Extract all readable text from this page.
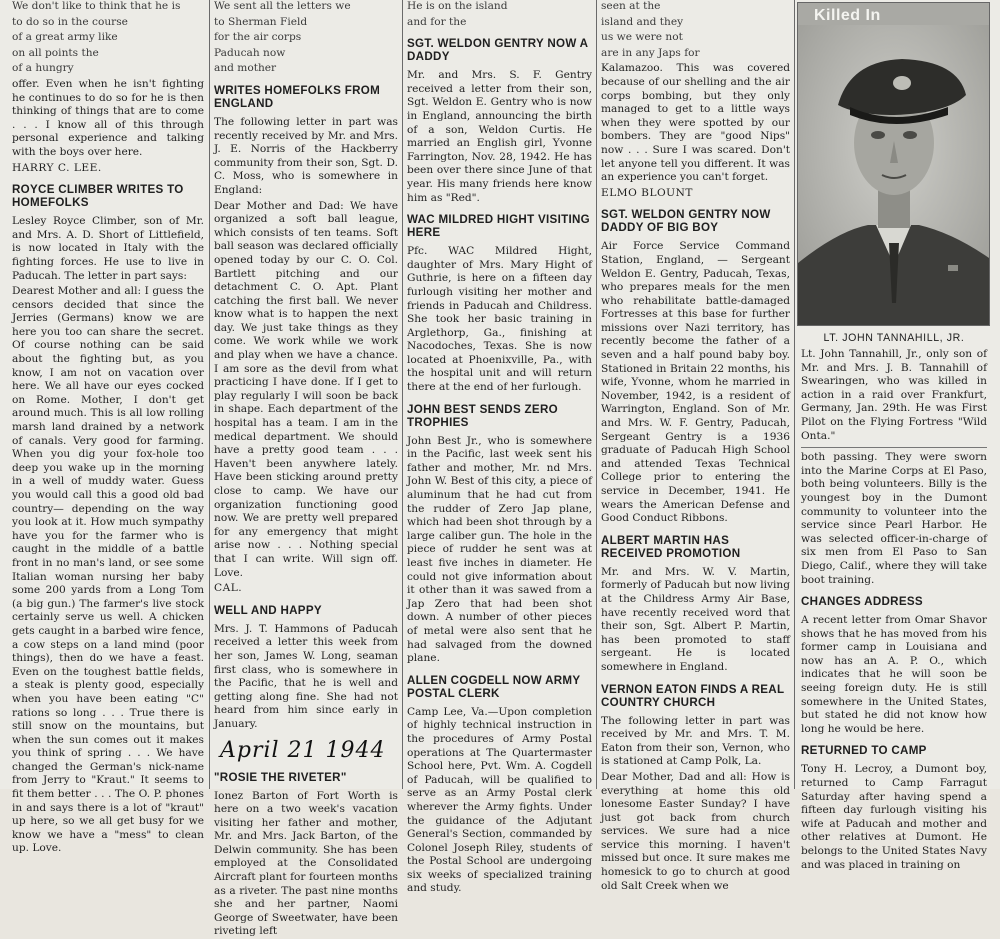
We don't like to think that he is

to do so in the course

of a great army like

on all points the

of a hungry

offer. Even when he isn't fighting he continues to do so for he is then thinking of things that are to come . . . I know all of this through personal experience and talking with the boys over here.

HARRY C. LEE.

ROYCE CLIMBER WRITES TO HOMEFOLKS

Lesley Royce Climber, son of Mr. and Mrs. A. D. Short of Littlefield, is now located in Italy with the fighting forces. He use to live in Paducah. The letter in part says:

Dearest Mother and all: I guess the censors decided that since the Jerries (Germans) know we are here you too can share the secret. Of course nothing can be said about the fighting but, as you know, I am not on vacation over here. We all have our eyes cocked on Rome. Mother, I don't get around much. This is all low rolling marsh land drained by a network of canals. Very good for farming. When you dig your fox-hole too deep you wake up in the morning in a well of muddy water. Guess you would call this a good old bad country— depending on the way you look at it. How much sympathy have you for the farmer who is caught in the middle of a battle front in no man's land, or see some Italian woman nursing her baby some 200 yards from a Long Tom (a big gun.) The farmer's live stock certainly serve us well. A chicken gets caught in a barbed wire fence, a cow steps on a land mind (poor things), then do we have a feast. Even on the toughest battle fields, a steak is plenty good, especially when you have been eating "C" rations so long . . . True there is still snow on the mountains, but when the sun comes out it makes you think of spring . . . We have changed the German's nick-name from Jerry to "Kraut." It seems to fit them better . . . The O. P. phones in and says there is a lot of "kraut" up here, so we all get busy for we know we have a "mess" to clean up. Love.

We sent all the letters we

to Sherman Field

for the air corps

Paducah now

and mother

WRITES HOMEFOLKS FROM ENGLAND

The following letter in part was recently received by Mr. and Mrs. J. E. Norris of the Hackberry community from their son, Sgt. D. C. Moss, who is somewhere in England:

Dear Mother and Dad: We have organized a soft ball league, which consists of ten teams. Soft ball season was declared officially opened today by our C. O. Col. Bartlett pitching and our detachment C. O. Apt. Plant catching the first ball. We never know what is to happen the next day. We just take things as they come. We work while we work and play when we have a chance. I am sore as the devil from what practicing I have done. If I get to play regularly I will soon be back in shape. Each department of the hospital has a team. I am in the medical department. We should have a pretty good team . . . Haven't been anywhere lately. Have been sticking around pretty close to camp. We have our organization functioning good now. We are pretty well prepared for any emergency that might arise now . . . Nothing special that I can write. Will sign off. Love.

CAL.

WELL AND HAPPY

Mrs. J. T. Hammons of Paducah received a letter this week from her son, James W. Long, seaman first class, who is somewhere in the Pacific, that he is well and getting along fine. She had not heard from him since early in January.

April 21 1944
"ROSIE THE RIVETER"

Ionez Barton of Fort Worth is here on a two week's vacation visiting her father and mother, Mr. and Mrs. Jack Barton, of the Delwin community. She has been employed at the Consolidated Aircraft plant for fourteen months as a riveter. The past nine months she and her partner, Naomi George of Sweetwater, have been riveting left

He is on the island

and for the

SGT. WELDON GENTRY NOW A DADDY

Mr. and Mrs. S. F. Gentry received a letter from their son, Sgt. Weldon E. Gentry who is now in England, announcing the birth of a son, Weldon Curtis. He married an English girl, Yvonne Farrington, Nov. 28, 1942. He has been over there since June of that year. His many friends here know him as "Red".

WAC MILDRED HIGHT VISITING HERE

Pfc. WAC Mildred Hight, daughter of Mrs. Mary Hight of Guthrie, is here on a fifteen day furlough visiting her mother and friends in Paducah and Childress. She took her basic training in Arglethorp, Ga., finishing at Nacodoches, Texas. She is now located at Phoenixville, Pa., with the hospital unit and will return there at the end of her furlough.

JOHN BEST SENDS ZERO TROPHIES

John Best Jr., who is somewhere in the Pacific, last week sent his father and mother, Mr. nd Mrs. John W. Best of this city, a piece of aluminum that he had cut from the rudder of Zero Jap plane, which had been shot through by a large caliber gun. The hole in the piece of rudder he sent was at least five inches in diameter. He could not give information about it other than it was sawed from a Jap Zero that had been shot down. A number of other pieces of metal were also sent that he had salvaged from the downed plane.

ALLEN COGDELL NOW ARMY POSTAL CLERK

Camp Lee, Va.—Upon completion of highly technical instruction in the procedures of Army Postal operations at The Quartermaster School here, Pvt. Wm. A. Cogdell of Paducah, will be qualified to serve as an Army Postal clerk wherever the Army fights. Under the guidance of the Adjutant General's Section, commanded by Colonel Joseph Riley, students of the Postal School are undergoing six weeks of specialized training and study.

seen at the

island and they

us we were not

are in any Japs for

Kalamazoo. This was covered because of our shelling and the air corps bombing, but they only managed to get to a little ways when they were spotted by our bombers. They are "good Nips" now . . . Sure I was scared. Don't let anyone tell you different. It was an experience you can't forget.

ELMO BLOUNT

SGT. WELDON GENTRY NOW DADDY OF BIG BOY

Air Force Service Command Station, England, — Sergeant Weldon E. Gentry, Paducah, Texas, who prepares meals for the men who rehabilitate battle-damaged Fortresses at this base for further missions over Nazi territory, has recently become the father of a seven and a half pound baby boy. Stationed in Britain 22 months, his wife, Yvonne, whom he married in November, 1942, is a resident of Warrington, England. Son of Mr. and Mrs. W. F. Gentry, Paducah, Sergeant Gentry is a 1936 graduate of Paducah High School and attended Texas Technical College prior to entering the service in December, 1941. He wears the American Defense and Good Conduct Ribbons.

ALBERT MARTIN HAS RECEIVED PROMOTION

Mr. and Mrs. W. V. Martin, formerly of Paducah but now living at the Childress Army Air Base, have recently received word that their son, Sgt. Albert P. Martin, has been promoted to staff sergeant. He is located somewhere in England.

VERNON EATON FINDS A REAL COUNTRY CHURCH

The following letter in part was received by Mr. and Mrs. T. M. Eaton from their son, Vernon, who is stationed at Camp Polk, La.

Dear Mother, Dad and all: How is everything at home this old lonesome Easter Sunday? I have just got back from church services. We sure had a nice service this morning. I haven't missed but once. It sure makes me homesick to go to church at good old Salt Creek when we

Killed In
LT. JOHN TANNAHILL, JR.

Lt. John Tannahill, Jr., only son of Mr. and Mrs. J. B. Tannahill of Swearingen, who was killed in action in a raid over Frankfurt, Germany, Jan. 29th. He was First Pilot on the Flying Fortress "Wild Onta."

both passing. They were sworn into the Marine Corps at El Paso, both being volunteers. Billy is the youngest boy in the Dumont community to volunteer into the service since Pearl Harbor. He was selected officer-in-charge of six men from El Paso to San Diego, Calif., where they will take boot training.

CHANGES ADDRESS

A recent letter from Omar Shavor shows that he has moved from his former camp in Louisiana and now has an A. P. O., which indicates that he will soon be seeing foreign duty. He is still somewhere in the United States, but stated he did not know how long he would be here.

RETURNED TO CAMP

Tony H. Lecroy, a Dumont boy, returned to Camp Farragut Saturday after having spend a fifteen day furlough visiting his wife at Paducah and mother and other relatives at Dumont. He belongs to the United States Navy and was placed in training on
